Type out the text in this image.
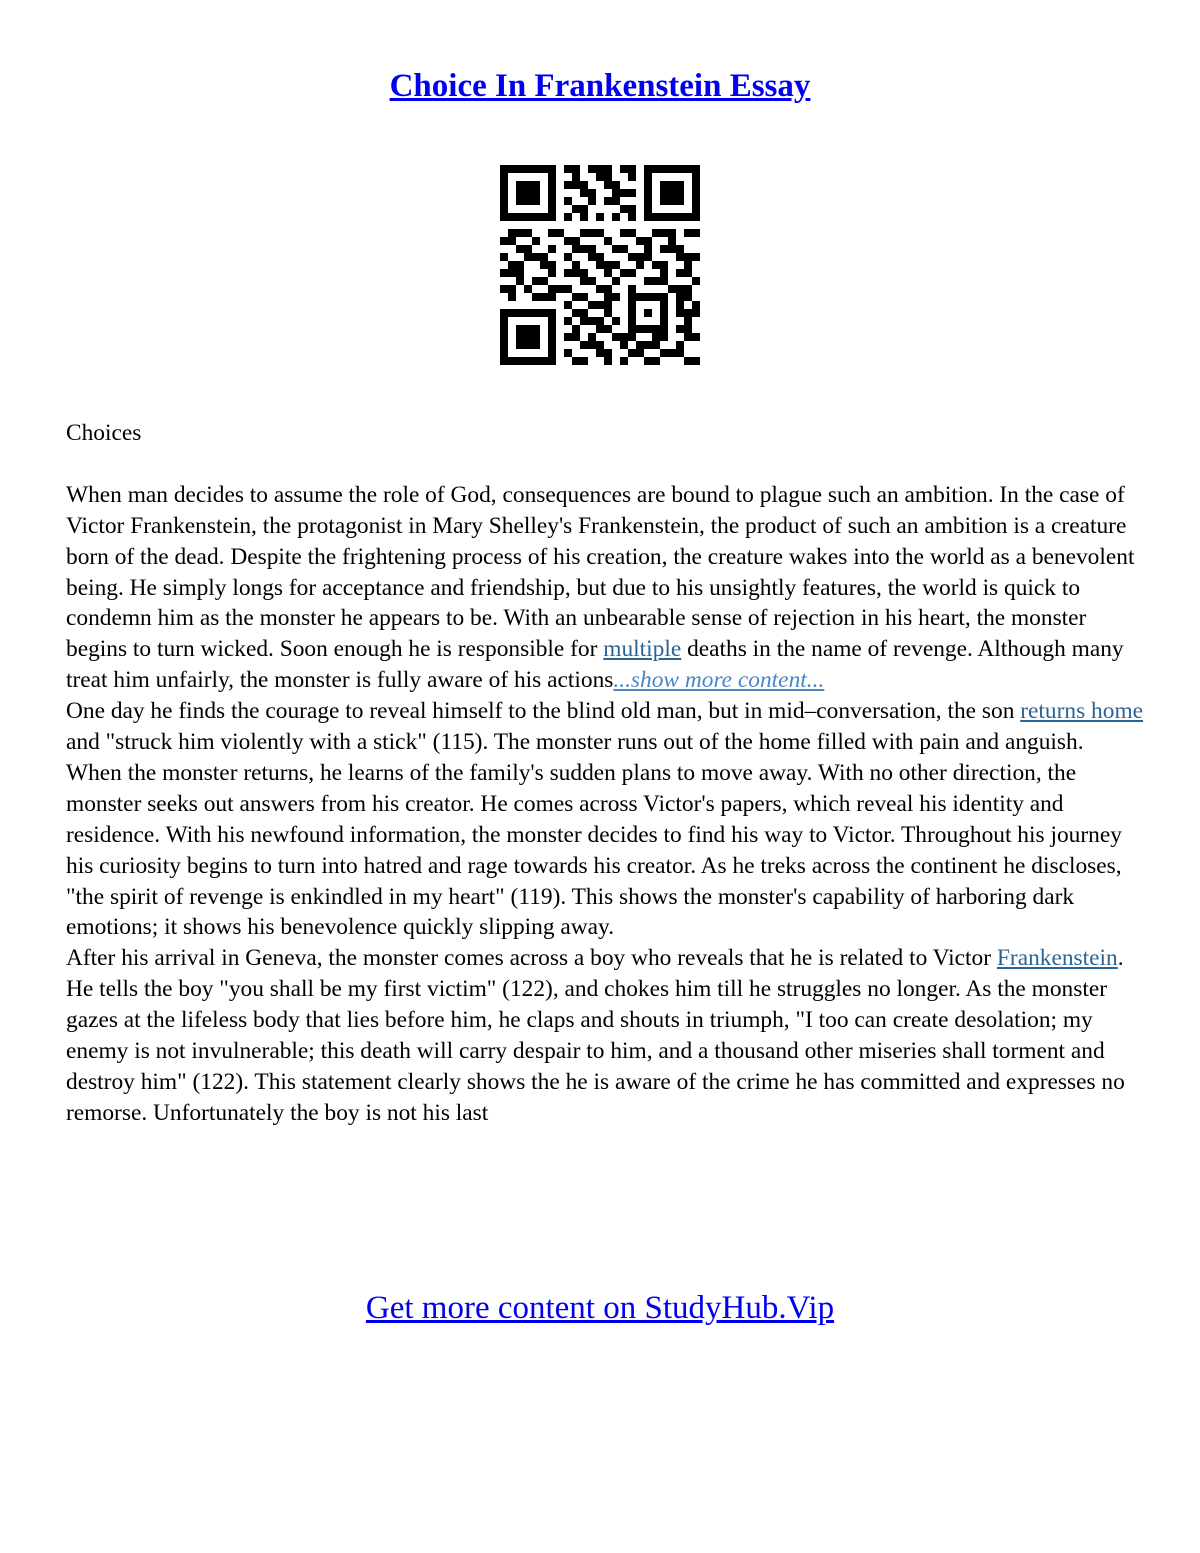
Choice In Frankenstein Essay

Choices

When man decides to assume the role of God, consequences are bound to plague such an ambition. In the case of Victor Frankenstein, the protagonist in Mary Shelley's Frankenstein, the product of such an ambition is a creature born of the dead. Despite the frightening process of his creation, the creature wakes into the world as a benevolent being. He simply longs for acceptance and friendship, but due to his unsightly features, the world is quick to condemn him as the monster he appears to be. With an unbearable sense of rejection in his heart, the monster begins to turn wicked. Soon enough he is responsible for multiple deaths in the name of revenge. Although many treat him unfairly, the monster is fully aware of his actions...show more content...

One day he finds the courage to reveal himself to the blind old man, but in mid–conversation, the son returns home and "struck him violently with a stick" (115). The monster runs out of the home filled with pain and anguish.

When the monster returns, he learns of the family's sudden plans to move away. With no other direction, the monster seeks out answers from his creator. He comes across Victor's papers, which reveal his identity and residence. With his newfound information, the monster decides to find his way to Victor. Throughout his journey his curiosity begins to turn into hatred and rage towards his creator. As he treks across the continent he discloses, "the spirit of revenge is enkindled in my heart" (119). This shows the monster's capability of harboring dark emotions; it shows his benevolence quickly slipping away.

After his arrival in Geneva, the monster comes across a boy who reveals that he is related to Victor Frankenstein. He tells the boy "you shall be my first victim" (122), and chokes him till he struggles no longer. As the monster gazes at the lifeless body that lies before him, he claps and shouts in triumph, "I too can create desolation; my enemy is not invulnerable; this death will carry despair to him, and a thousand other miseries shall torment and destroy him" (122). This statement clearly shows the he is aware of the crime he has committed and expresses no remorse. Unfortunately the boy is not his last

Get more content on StudyHub.Vip
